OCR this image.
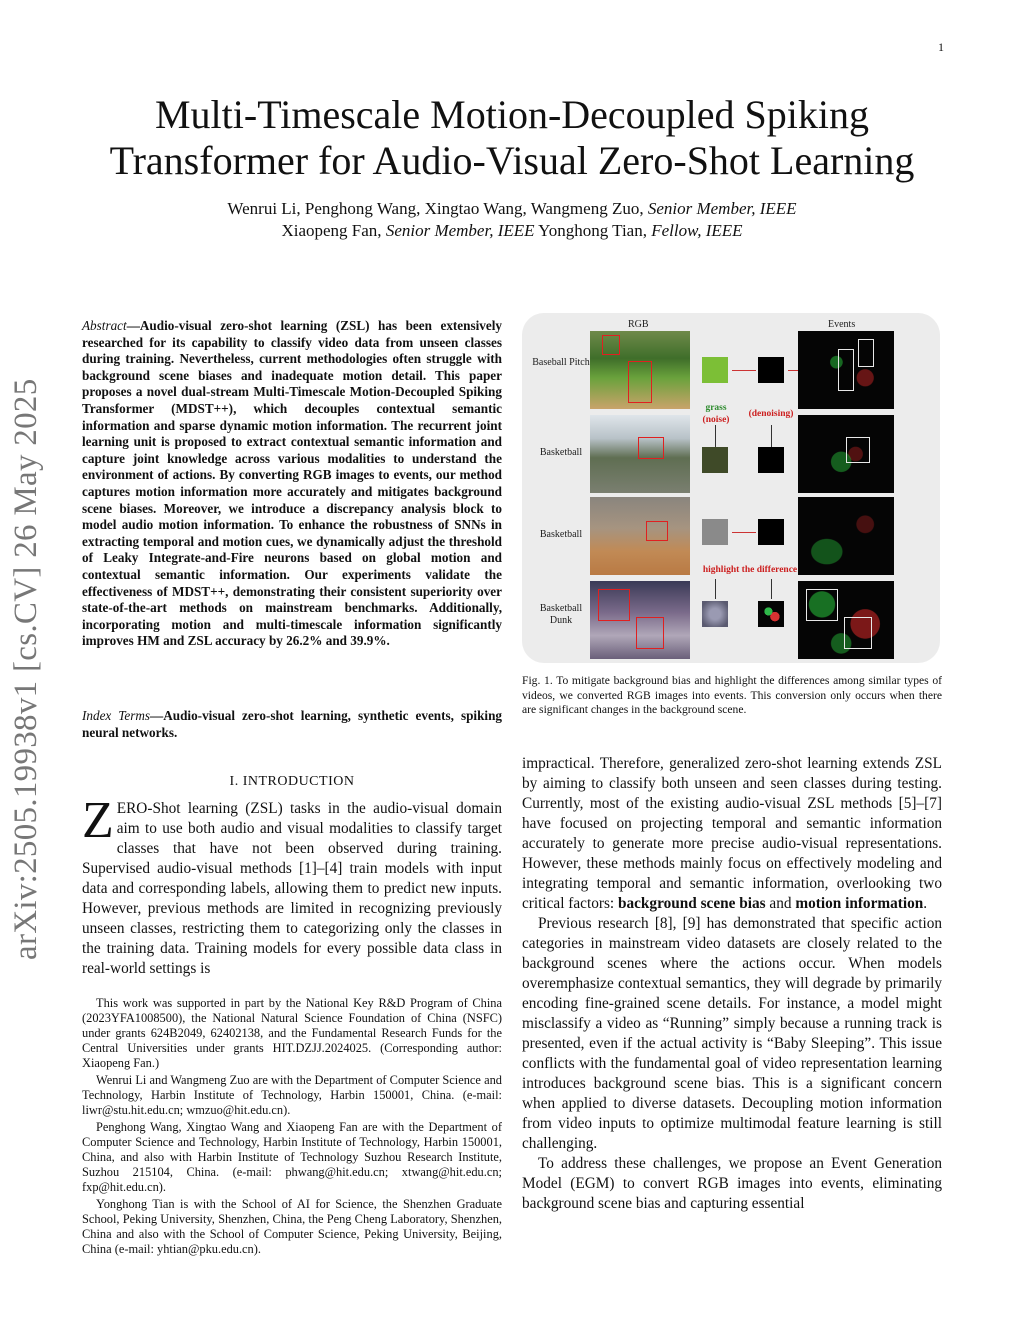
1
arXiv:2505.19938v1 [cs.CV] 26 May 2025
Multi-Timescale Motion-Decoupled Spiking
Transformer for Audio-Visual Zero-Shot Learning
Wenrui Li, Penghong Wang, Xingtao Wang, Wangmeng Zuo, Senior Member, IEEE
Xiaopeng Fan, Senior Member, IEEE Yonghong Tian, Fellow, IEEE
Abstract—Audio-visual zero-shot learning (ZSL) has been extensively researched for its capability to classify video data from unseen classes during training. Nevertheless, current methodologies often struggle with background scene biases and inadequate motion detail. This paper proposes a novel dual-stream Multi-Timescale Motion-Decoupled Spiking Transformer (MDST++), which decouples contextual semantic information and sparse dynamic motion information. The recurrent joint learning unit is proposed to extract contextual semantic information and capture joint knowledge across various modalities to understand the environment of actions. By converting RGB images to events, our method captures motion information more accurately and mitigates background scene biases. Moreover, we introduce a discrepancy analysis block to model audio motion information. To enhance the robustness of SNNs in extracting temporal and motion cues, we dynamically adjust the threshold of Leaky Integrate-and-Fire neurons based on global motion and contextual semantic information. Our experiments validate the effectiveness of MDST++, demonstrating their consistent superiority over state-of-the-art methods on mainstream benchmarks. Additionally, incorporating motion and multi-timescale information significantly improves HM and ZSL accuracy by 26.2% and 39.9%.
Index Terms—Audio-visual zero-shot learning, synthetic events, spiking neural networks.
I. INTRODUCTION
ZERO-Shot learning (ZSL) tasks in the audio-visual domain aim to use both audio and visual modalities to classify target classes that have not been observed during training. Supervised audio-visual methods [1]–[4] train models with input data and corresponding labels, allowing them to predict new inputs. However, previous methods are limited in recognizing previously unseen classes, restricting them to categorizing only the classes in the training data. Training models for every possible data class in real-world settings is

This work was supported in part by the National Key R&D Program of China (2023YFA1008500), the National Natural Science Foundation of China (NSFC) under grants 624B2049, 62402138, and the Fundamental Research Funds for the Central Universities under grants HIT.DZJJ.2024025. (Corresponding author: Xiaopeng Fan.)

Wenrui Li and Wangmeng Zuo are with the Department of Computer Science and Technology, Harbin Institute of Technology, Harbin 150001, China. (e-mail: liwr@stu.hit.edu.cn; wmzuo@hit.edu.cn).

Penghong Wang, Xingtao Wang and Xiaopeng Fan are with the Department of Computer Science and Technology, Harbin Institute of Technology, Harbin 150001, China, and also with Harbin Institute of Technology Suzhou Research Institute, Suzhou 215104, China. (e-mail: phwang@hit.edu.cn; xtwang@hit.edu.cn; fxp@hit.edu.cn).

Yonghong Tian is with the School of AI for Science, the Shenzhen Graduate School, Peking University, Shenzhen, China, the Peng Cheng Laboratory, Shenzhen, China and also with the School of Computer Science, Peking University, Beijing, China (e-mail: yhtian@pku.edu.cn).

RGB	Events
Baseball Pitch
Basketball
Basketball
Basketball Dunk
grass
(noise)
(denoising)
highlight the difference
Fig. 1. To mitigate background bias and highlight the differences among similar types of videos, we converted RGB images into events. This conversion only occurs when there are significant changes in the background scene.

impractical. Therefore, generalized zero-shot learning extends ZSL by aiming to classify both unseen and seen classes during testing. Currently, most of the existing audio-visual ZSL methods [5]–[7] have focused on projecting temporal and semantic information accurately to generate more precise audio-visual representations. However, these methods mainly focus on effectively modeling and integrating temporal and semantic information, overlooking two critical factors: background scene bias and motion information.

Previous research [8], [9] has demonstrated that specific action categories in mainstream video datasets are closely related to the background scenes where the actions occur. When models overemphasize contextual semantics, they will degrade by primarily encoding fine-grained scene details. For instance, a model might misclassify a video as “Running” simply because a running track is presented, even if the actual activity is “Baby Sleeping”. This issue conflicts with the fundamental goal of video representation learning introduces background scene bias. This is a significant concern when applied to diverse datasets. Decoupling motion information from video inputs to optimize multimodal feature learning is still challenging.

To address these challenges, we propose an Event Generation Model (EGM) to convert RGB images into events, eliminating background scene bias and capturing essential
